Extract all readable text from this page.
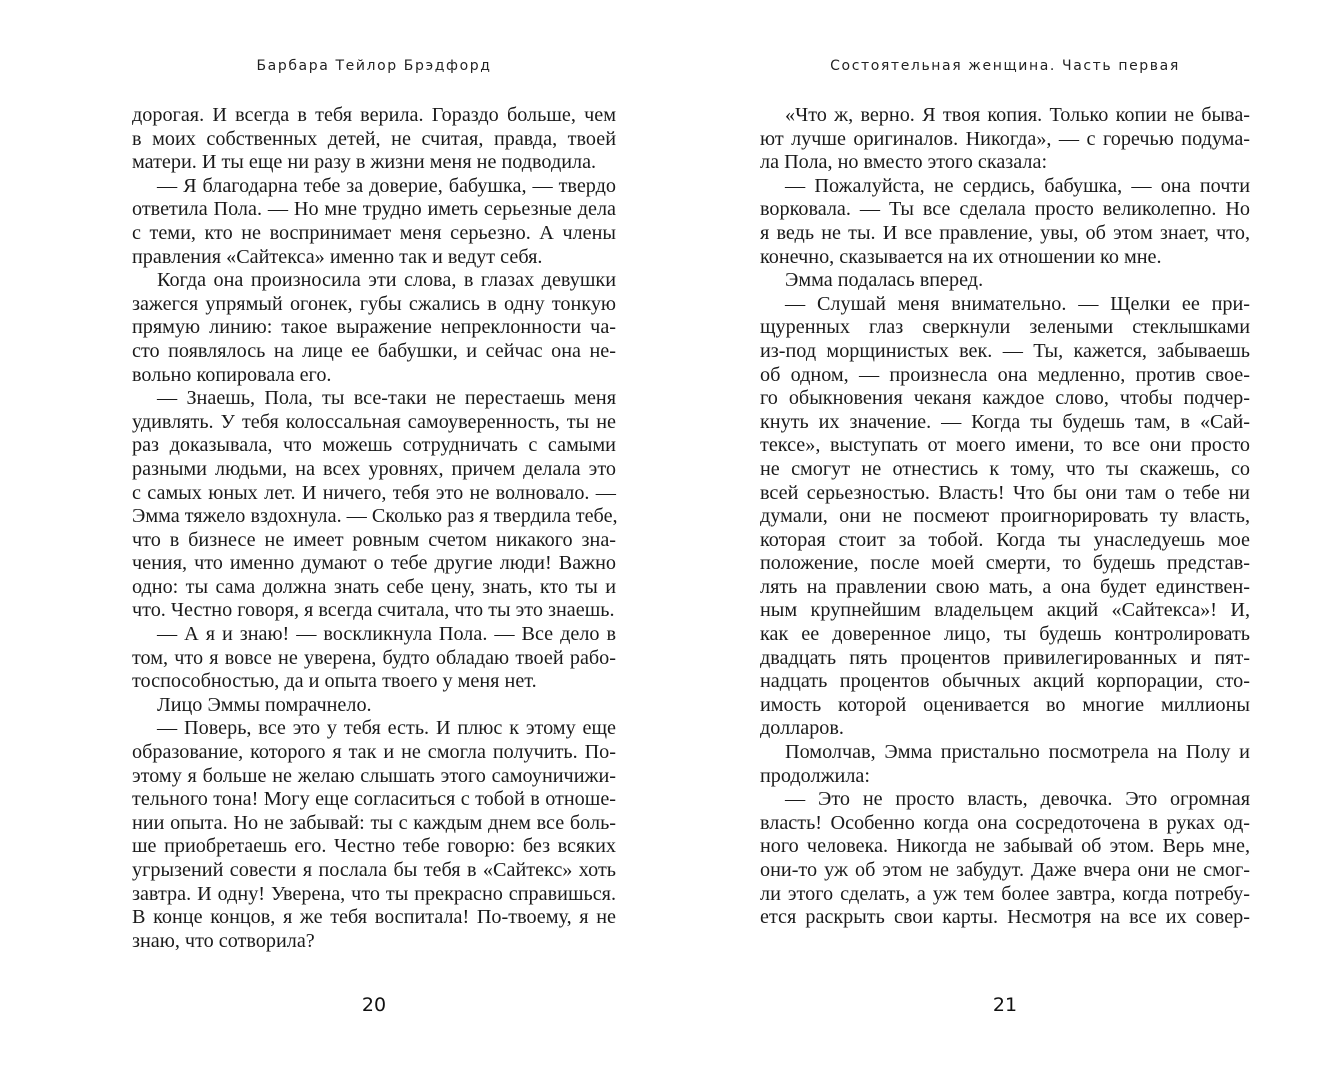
Барбара Тейлор Брэдфорд
дорогая. И всегда в тебя верила. Гораздо больше, чем
в моих собственных детей, не считая, правда, твоей
матери. И ты еще ни разу в жизни меня не подводила.
— Я благодарна тебе за доверие, бабушка, — твердо
ответила Пола. — Но мне трудно иметь серьезные дела
с теми, кто не воспринимает меня серьезно. А члены
правления «Сайтекса» именно так и ведут себя.
Когда она произносила эти слова, в глазах девушки
зажегся упрямый огонек, губы сжались в одну тонкую
прямую линию: такое выражение непреклонности ча-
сто появлялось на лице ее бабушки, и сейчас она не-
вольно копировала его.
— Знаешь, Пола, ты все-таки не перестаешь меня
удивлять. У тебя колоссальная самоуверенность, ты не
раз доказывала, что можешь сотрудничать с самыми
разными людьми, на всех уровнях, причем делала это
с самых юных лет. И ничего, тебя это не волновало. —
Эмма тяжело вздохнула. — Сколько раз я твердила тебе,
что в бизнесе не имеет ровным счетом никакого зна-
чения, что именно думают о тебе другие люди! Важно
одно: ты сама должна знать себе цену, знать, кто ты и
что. Честно говоря, я всегда считала, что ты это знаешь.
— А я и знаю! — воскликнула Пола. — Все дело в
том, что я вовсе не уверена, будто обладаю твоей рабо-
тоспособностью, да и опыта твоего у меня нет.
Лицо Эммы помрачнело.
— Поверь, все это у тебя есть. И плюс к этому еще
образование, которого я так и не смогла получить. По-
этому я больше не желаю слышать этого самоуничижи-
тельного тона! Могу еще согласиться с тобой в отноше-
нии опыта. Но не забывай: ты с каждым днем все боль-
ше приобретаешь его. Честно тебе говорю: без всяких
угрызений совести я послала бы тебя в «Сайтекс» хоть
завтра. И одну! Уверена, что ты прекрасно справишься.
В конце концов, я же тебя воспитала! По-твоему, я не
знаю, что сотворила?
20
Состоятельная женщина. Часть первая
«Что ж, верно. Я твоя копия. Только копии не быва-
ют лучше оригиналов. Никогда», — с горечью подума-
ла Пола, но вместо этого сказала:
— Пожалуйста, не сердись, бабушка, — она почти
ворковала. — Ты все сделала просто великолепно. Но
я ведь не ты. И все правление, увы, об этом знает, что,
конечно, сказывается на их отношении ко мне.
Эмма подалась вперед.
— Слушай меня внимательно. — Щелки ее при-
щуренных глаз сверкнули зелеными стеклышками
из-под морщинистых век. — Ты, кажется, забываешь
об одном, — произнесла она медленно, против свое-
го обыкновения чеканя каждое слово, чтобы подчер-
кнуть их значение. — Когда ты будешь там, в «Сай-
тексе», выступать от моего имени, то все они просто
не смогут не отнестись к тому, что ты скажешь, со
всей серьезностью. Власть! Что бы они там о тебе ни
думали, они не посмеют проигнорировать ту власть,
которая стоит за тобой. Когда ты унаследуешь мое
положение, после моей смерти, то будешь представ-
лять на правлении свою мать, а она будет единствен-
ным крупнейшим владельцем акций «Сайтекса»! И,
как ее доверенное лицо, ты будешь контролировать
двадцать пять процентов привилегированных и пят-
надцать процентов обычных акций корпорации, сто-
имость которой оценивается во многие миллионы
долларов.
Помолчав, Эмма пристально посмотрела на Полу и
продолжила:
— Это не просто власть, девочка. Это огромная
власть! Особенно когда она сосредоточена в руках од-
ного человека. Никогда не забывай об этом. Верь мне,
они-то уж об этом не забудут. Даже вчера они не смог-
ли этого сделать, а уж тем более завтра, когда потребу-
ется раскрыть свои карты. Несмотря на все их совер-
21
